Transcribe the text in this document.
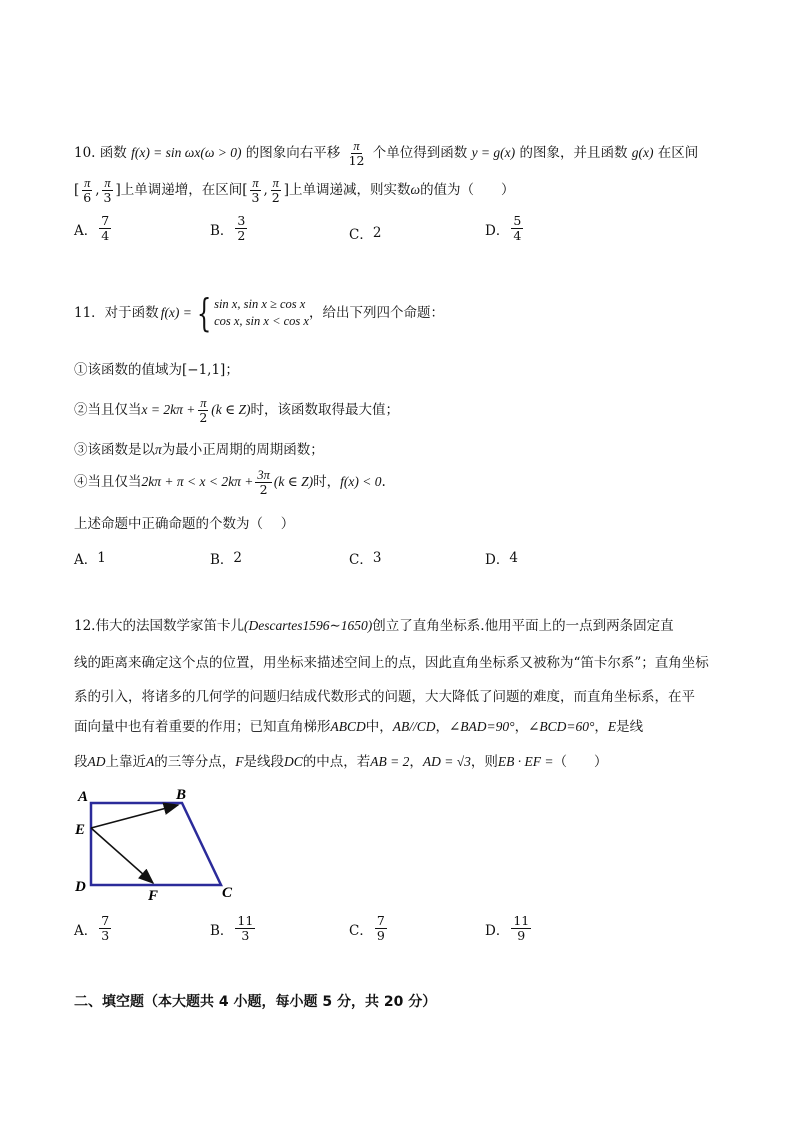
10. 函数 f(x) = sin ωx(ω > 0) 的图象向右平移 $\frac{\pi}{12}$ 个单位得到函数 y = g(x) 的图象，并且函数 g(x) 在区间
[ $\frac{\pi}{6}$ , $\frac{\pi}{3}$ ]上单调递增，在区间[ $\frac{\pi}{3}$ , $\frac{\pi}{2}$ ]上单调递减，则实数ω的值为（　　）
A． $\frac{7}{4}$	B． $\frac{3}{2}$	C． 2	D． $\frac{5}{4}$
11．对于函数 f(x) = { sin x, sin x ≥ cos x
cos x, sin x < cos x ，给出下列四个命题：
①该函数的值域为[−1,1]；
②当且仅当$x = 2k\pi + \frac{\pi}{2} (k$ ∈ Z)时，该函数取得最大值；
③该函数是以π为最小正周期的周期函数；
④当且仅当$2k\pi + \pi < x < 2k\pi + \frac{3\pi}{2} (k$ ∈ Z)时，f(x) < 0.
上述命题中正确命题的个数为（　 ）
A． 1	B． 2	C． 3	D． 4
12.伟大的法国数学家笛卡儿(Descartes1596∼1650)创立了直角坐标系.他用平面上的一点到两条固定直
线的距离来确定这个点的位置，用坐标来描述空间上的点，因此直角坐标系又被称为“笛卡尔系”；直角坐标
系的引入，将诸多的几何学的问题归结成代数形式的问题，大大降低了问题的难度，而直角坐标系，在平
面向量中也有着重要的作用；已知直角梯形ABCD中，AB//CD，∠BAD=90°，∠BCD=60°，E是线
段AD上靠近A的三等分点，F是线段DC的中点，若AB = 2，AD = √3，则EB · EF =（　　）
A	B
E
D
F	C
A． $\frac{7}{3}$	B． $\frac{11}{3}$	C． $\frac{7}{9}$	D． $\frac{11}{9}$
二、填空题（本大题共 4 小题，每小题 5 分，共 20 分）
